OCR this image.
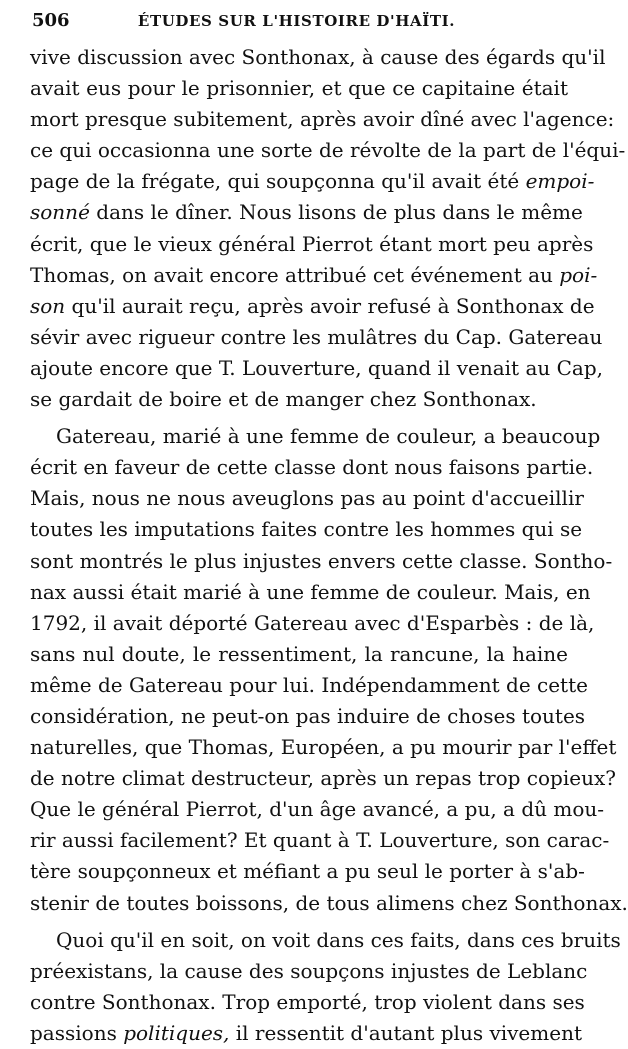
506	ÉTUDES SUR L'HISTOIRE D'HAÏTI.
vive discussion avec Sonthonax, à cause des égards qu'il
avait eus pour le prisonnier, et que ce capitaine était
mort presque subitement, après avoir dîné avec l'agence:
ce qui occasionna une sorte de révolte de la part de l'équi-
page de la frégate, qui soupçonna qu'il avait été empoi-
sonné dans le dîner. Nous lisons de plus dans le même
écrit, que le vieux général Pierrot étant mort peu après
Thomas, on avait encore attribué cet événement au poi-
son qu'il aurait reçu, après avoir refusé à Sonthonax de
sévir avec rigueur contre les mulâtres du Cap. Gatereau
ajoute encore que T. Louverture, quand il venait au Cap,
se gardait de boire et de manger chez Sonthonax.
Gatereau, marié à une femme de couleur, a beaucoup
écrit en faveur de cette classe dont nous faisons partie.
Mais, nous ne nous aveuglons pas au point d'accueillir
toutes les imputations faites contre les hommes qui se
sont montrés le plus injustes envers cette classe. Sontho-
nax aussi était marié à une femme de couleur. Mais, en
1792, il avait déporté Gatereau avec d'Esparbès : de là,
sans nul doute, le ressentiment, la rancune, la haine
même de Gatereau pour lui. Indépendamment de cette
considération, ne peut-on pas induire de choses toutes
naturelles, que Thomas, Européen, a pu mourir par l'effet
de notre climat destructeur, après un repas trop copieux?
Que le général Pierrot, d'un âge avancé, a pu, a dû mou-
rir aussi facilement? Et quant à T. Louverture, son carac-
tère soupçonneux et méfiant a pu seul le porter à s'ab-
stenir de toutes boissons, de tous alimens chez Sonthonax.
Quoi qu'il en soit, on voit dans ces faits, dans ces bruits
préexistans, la cause des soupçons injustes de Leblanc
contre Sonthonax. Trop emporté, trop violent dans ses
passions politiques, il ressentit d'autant plus vivement
